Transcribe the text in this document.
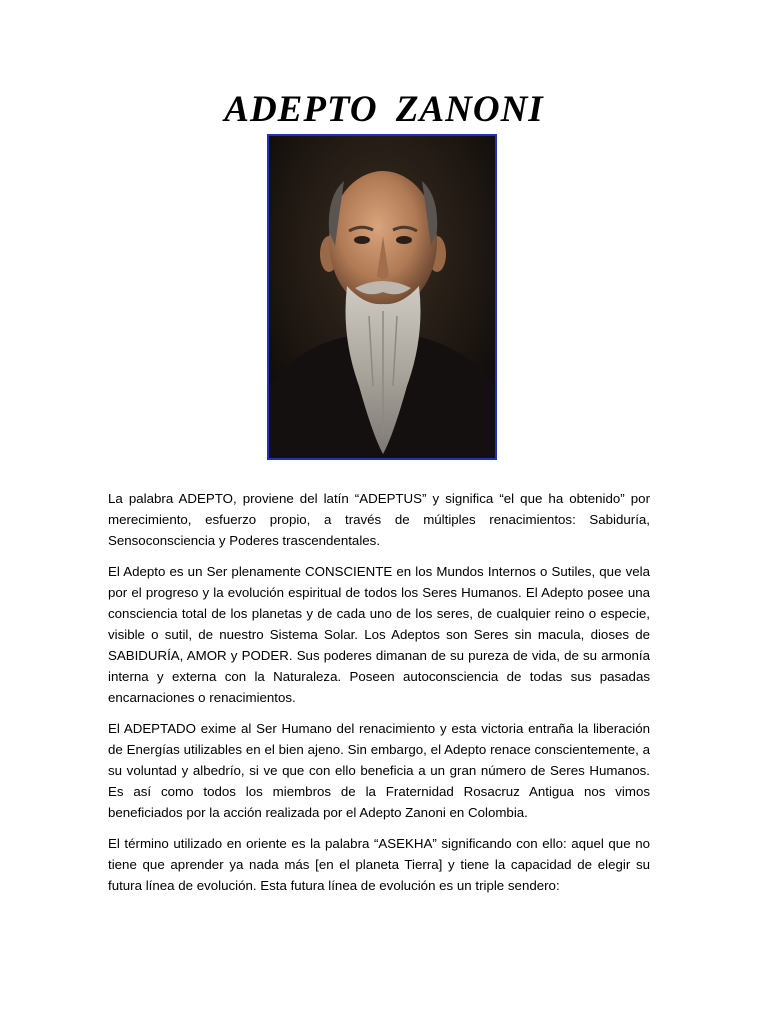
ADEPTO ZANONI

La palabra ADEPTO, proviene del latín “ADEPTUS” y significa “el que ha obtenido” por merecimiento, esfuerzo propio, a través de múltiples renacimientos: Sabiduría, Sensoconsciencia y Poderes trascendentales.

El Adepto es un Ser plenamente CONSCIENTE en los Mundos Internos o Sutiles, que vela por el progreso y la evolución espiritual de todos los Seres Humanos. El Adepto posee una consciencia total de los planetas y de cada uno de los seres, de cualquier reino o especie, visible o sutil, de nuestro Sistema Solar. Los Adeptos son Seres sin macula, dioses de SABIDURÍA, AMOR y PODER. Sus poderes dimanan de su pureza de vida, de su armonía interna y externa con la Naturaleza. Poseen autoconsciencia de todas sus pasadas encarnaciones o renacimientos.

El ADEPTADO exime al Ser Humano del renacimiento y esta victoria entraña la liberación de Energías utilizables en el bien ajeno. Sin embargo, el Adepto renace conscientemente, a su voluntad y albedrío, si ve que con ello beneficia a un gran número de Seres Humanos. Es así como todos los miembros de la Fraternidad Rosacruz Antigua nos vimos beneficiados por la acción realizada por el Adepto Zanoni en Colombia.

El término utilizado en oriente es la palabra “ASEKHA” significando con ello: aquel que no tiene que aprender ya nada más [en el planeta Tierra] y tiene la capacidad de elegir su futura línea de evolución. Esta futura línea de evolución es un triple sendero:
